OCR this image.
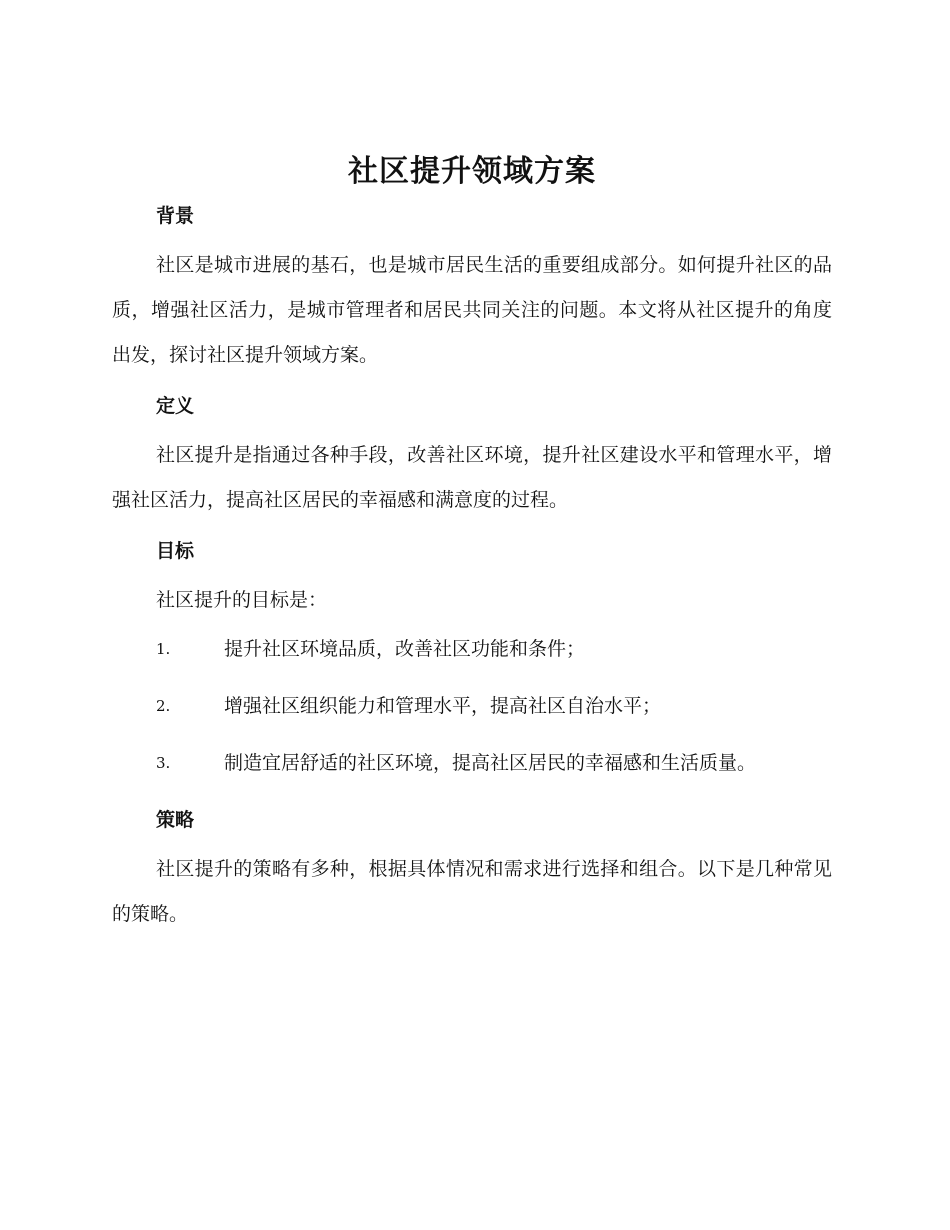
社区提升领域方案
背景

社区是城市进展的基石，也是城市居民生活的重要组成部分。如何提升社区的品质，增强社区活力，是城市管理者和居民共同关注的问题。本文将从社区提升的角度出发，探讨社区提升领域方案。

定义

社区提升是指通过各种手段，改善社区环境，提升社区建设水平和管理水平，增强社区活力，提高社区居民的幸福感和满意度的过程。

目标

社区提升的目标是：

1.	提升社区环境品质，改善社区功能和条件；
2.	增强社区组织能力和管理水平，提高社区自治水平；
3.	制造宜居舒适的社区环境，提高社区居民的幸福感和生活质量。
策略

社区提升的策略有多种，根据具体情况和需求进行选择和组合。以下是几种常见的策略。
